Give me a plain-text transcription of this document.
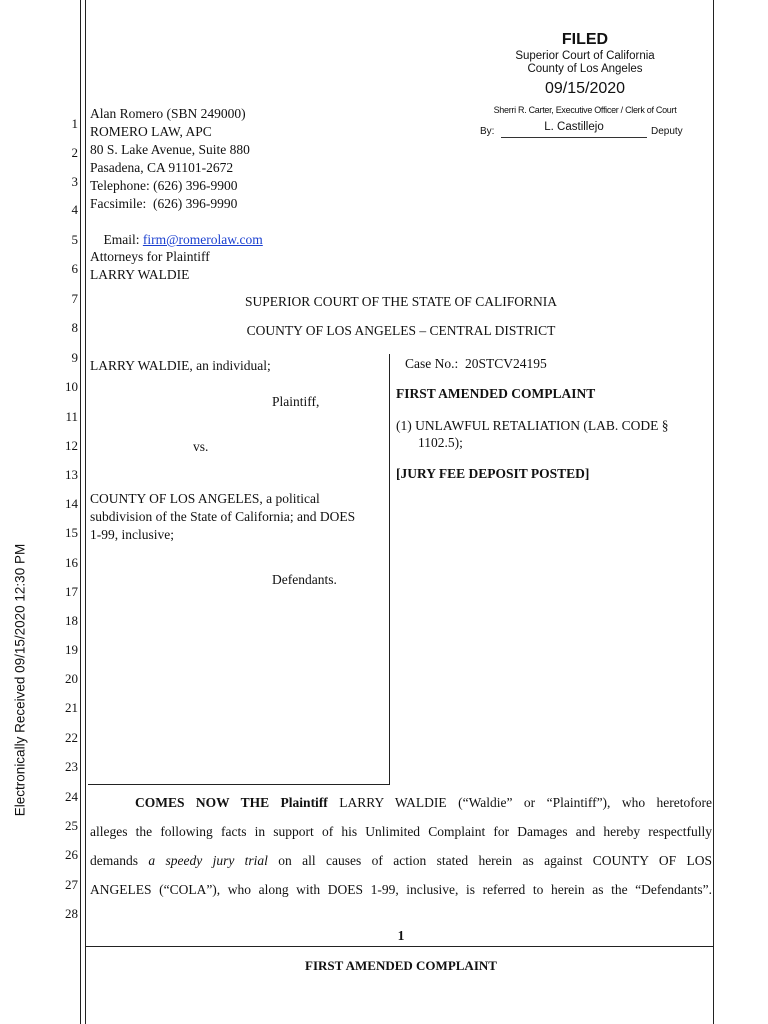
Electronically Received 09/15/2020 12:30 PM
FILED
Superior Court of California
County of Los Angeles
09/15/2020
Sherri R. Carter, Executive Officer / Clerk of Court
By:	L. Castillejo	Deputy
1
2
3
4
5
6
7
8
9
10
11
12
13
14
15
16
17
18
19
20
21
22
23
24
25
26
27
28
Alan Romero (SBN 249000)
ROMERO LAW, APC
80 S. Lake Avenue, Suite 880
Pasadena, CA 91101-2672
Telephone: (626) 396-9900
Facsimile:  (626) 396-9990

Email: firm@romerolaw.com

Attorneys for Plaintiff
LARRY WALDIE
SUPERIOR COURT OF THE STATE OF CALIFORNIA
COUNTY OF LOS ANGELES – CENTRAL DISTRICT
LARRY WALDIE, an individual;
Plaintiff,
vs.
COUNTY OF LOS ANGELES, a political
subdivision of the State of California; and DOES
1-99, inclusive;
Defendants.
Case No.: 20STCV24195
FIRST AMENDED COMPLAINT
(1) UNLAWFUL RETALIATION (LAB. CODE §
1102.5);
[JURY FEE DEPOSIT POSTED]
COMES NOW THE Plaintiff LARRY WALDIE (“Waldie” or “Plaintiff”), who heretofore
alleges the following facts in support of his Unlimited Complaint for Damages and hereby respectfully
demands a speedy jury trial on all causes of action stated herein as against COUNTY OF LOS
ANGELES (“COLA”), who along with DOES 1-99, inclusive, is referred to herein as the “Defendants”.
1
FIRST AMENDED COMPLAINT
